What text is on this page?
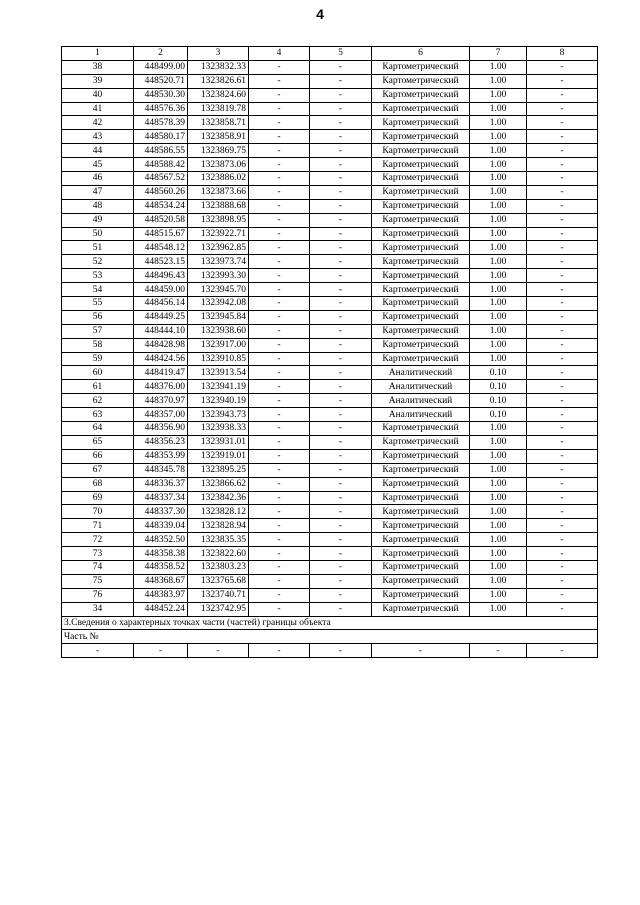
4
1	2	3	4	5	6	7	8
38	448499.00	1323832.33	-	-	Картометрический	1.00	-
39	448520.71	1323826.61	-	-	Картометрический	1.00	-
40	448530.30	1323824.60	-	-	Картометрический	1.00	-
41	448576.36	1323819.78	-	-	Картометрический	1.00	-
42	448578.39	1323858.71	-	-	Картометрический	1.00	-
43	448580.17	1323858.91	-	-	Картометрический	1.00	-
44	448586.55	1323869.75	-	-	Картометрический	1.00	-
45	448588.42	1323873.06	-	-	Картометрический	1.00	-
46	448567.52	1323886.02	-	-	Картометрический	1.00	-
47	448560.26	1323873.66	-	-	Картометрический	1.00	-
48	448534.24	1323888.68	-	-	Картометрический	1.00	-
49	448520.58	1323898.95	-	-	Картометрический	1.00	-
50	448515.67	1323922.71	-	-	Картометрический	1.00	-
51	448548.12	1323962.85	-	-	Картометрический	1.00	-
52	448523.15	1323973.74	-	-	Картометрический	1.00	-
53	448496.43	1323993.30	-	-	Картометрический	1.00	-
54	448459.00	1323945.70	-	-	Картометрический	1.00	-
55	448456.14	1323942.08	-	-	Картометрический	1.00	-
56	448449.25	1323945.84	-	-	Картометрический	1.00	-
57	448444.10	1323938.60	-	-	Картометрический	1.00	-
58	448428.98	1323917.00	-	-	Картометрический	1.00	-
59	448424.56	1323910.85	-	-	Картометрический	1.00	-
60	448419.47	1323913.54	-	-	Аналитический	0.10	-
61	448376.00	1323941.19	-	-	Аналитический	0.10	-
62	448370.97	1323940.19	-	-	Аналитический	0.10	-
63	448357.00	1323943.73	-	-	Аналитический	0.10	-
64	448356.90	1323938.33	-	-	Картометрический	1.00	-
65	448356.23	1323931.01	-	-	Картометрический	1.00	-
66	448353.99	1323919.01	-	-	Картометрический	1.00	-
67	448345.78	1323895.25	-	-	Картометрический	1.00	-
68	448336.37	1323866.62	-	-	Картометрический	1.00	-
69	448337.34	1323842.36	-	-	Картометрический	1.00	-
70	448337.30	1323828.12	-	-	Картометрический	1.00	-
71	448339.04	1323828.94	-	-	Картометрический	1.00	-
72	448352.50	1323835.35	-	-	Картометрический	1.00	-
73	448358.38	1323822.60	-	-	Картометрический	1.00	-
74	448358.52	1323803.23	-	-	Картометрический	1.00	-
75	448368.67	1323765.68	-	-	Картометрический	1.00	-
76	448383.97	1323740.71	-	-	Картометрический	1.00	-
34	448452.24	1323742.95	-	-	Картометрический	1.00	-
3.Сведения о характерных точках части (частей) границы объекта							
Часть №							
-	-	-	-	-	-	-	-
